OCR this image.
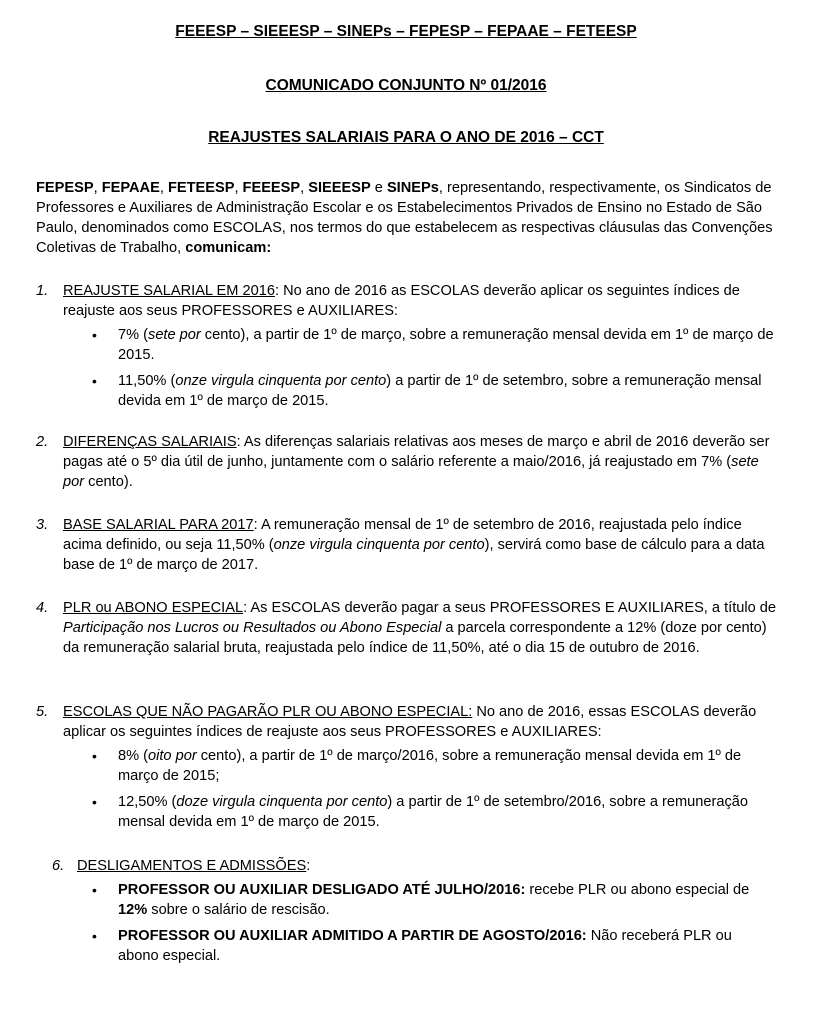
FEEESP – SIEEESP – SINEPs – FEPESP – FEPAAE – FETEESP

COMUNICADO CONJUNTO Nº 01/2016

REAJUSTES SALARIAIS PARA O ANO DE 2016 – CCT

FEPESP, FEPAAE, FETEESP, FEEESP, SIEEESP e SINEPs, representando, respectivamente, os Sindicatos de Professores e Auxiliares de Administração Escolar e os Estabelecimentos Privados de Ensino no Estado de São Paulo, denominados como ESCOLAS, nos termos do que estabelecem as respectivas cláusulas das Convenções Coletivas de Trabalho, comunicam:

1. REAJUSTE SALARIAL EM 2016: No ano de 2016 as ESCOLAS deverão aplicar os seguintes índices de reajuste aos seus PROFESSORES e AUXILIARES:
• 7% (sete por cento), a partir de 1º de março, sobre a remuneração mensal devida em 1º de março de 2015.
• 11,50% (onze virgula cinquenta por cento) a partir de 1º de setembro, sobre a remuneração mensal devida em 1º de março de 2015.
2. DIFERENÇAS SALARIAIS: As diferenças salariais relativas aos meses de março e abril de 2016 deverão ser pagas até o 5º dia útil de junho, juntamente com o salário referente a maio/2016, já reajustado em 7% (sete por cento).
3. BASE SALARIAL PARA 2017: A remuneração mensal de 1º de setembro de 2016, reajustada pelo índice acima definido, ou seja 11,50% (onze virgula cinquenta por cento), servirá como base de cálculo para a data base de 1º de março de 2017.
4. PLR ou ABONO ESPECIAL: As ESCOLAS deverão pagar a seus PROFESSORES E AUXILIARES, a título de Participação nos Lucros ou Resultados ou Abono Especial a parcela correspondente a 12% (doze por cento) da remuneração salarial bruta, reajustada pelo índice de 11,50%, até o dia 15 de outubro de 2016.
5. ESCOLAS QUE NÃO PAGARÃO PLR OU ABONO ESPECIAL: No ano de 2016, essas ESCOLAS deverão aplicar os seguintes índices de reajuste aos seus PROFESSORES e AUXILIARES:
• 8% (oito por cento), a partir de 1º de março/2016, sobre a remuneração mensal devida em 1º de março de 2015;
• 12,50% (doze virgula cinquenta por cento) a partir de 1º de setembro/2016, sobre a remuneração mensal devida em 1º de março de 2015.
6. DESLIGAMENTOS E ADMISSÕES:
• PROFESSOR OU AUXILIAR DESLIGADO ATÉ JULHO/2016: recebe PLR ou abono especial de 12% sobre o salário de rescisão.
• PROFESSOR OU AUXILIAR ADMITIDO A PARTIR DE AGOSTO/2016: Não receberá PLR ou abono especial.
